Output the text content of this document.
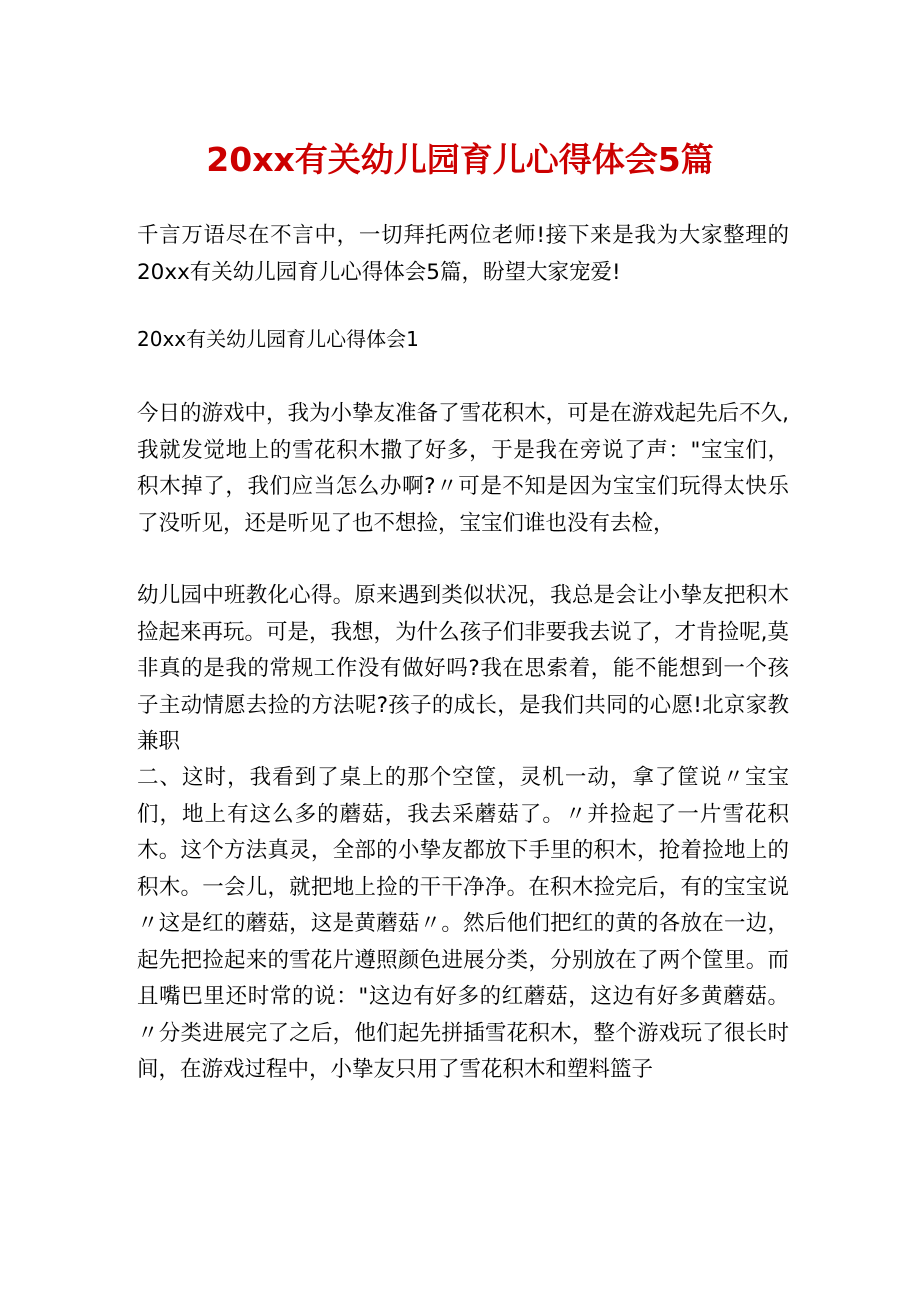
20xx有关幼儿园育儿心得体会5篇

千言万语尽在不言中，一切拜托两位老师!接下来是我为大家整理的20xx有关幼儿园育儿心得体会5篇，盼望大家宠爱!

20xx有关幼儿园育儿心得体会1

今日的游戏中，我为小挚友准备了雪花积木，可是在游戏起先后不久,我就发觉地上的雪花积木撒了好多，于是我在旁说了声："宝宝们，积木掉了，我们应当怎么办啊?〃可是不知是因为宝宝们玩得太快乐了没听见，还是听见了也不想捡，宝宝们谁也没有去检，

幼儿园中班教化心得。原来遇到类似状况，我总是会让小挚友把积木捡起来再玩。可是，我想，为什么孩子们非要我去说了，才肯捡呢,莫非真的是我的常规工作没有做好吗?我在思索着，能不能想到一个孩子主动情愿去捡的方法呢?孩子的成长，是我们共同的心愿!北京家教兼职

二、这时，我看到了桌上的那个空筐，灵机一动，拿了筐说〃宝宝们，地上有这么多的蘑菇，我去采蘑菇了。〃并捡起了一片雪花积木。这个方法真灵，全部的小挚友都放下手里的积木，抢着捡地上的积木。一会儿，就把地上捡的干干净净。在积木捡完后，有的宝宝说〃这是红的蘑菇，这是黄蘑菇〃。然后他们把红的黄的各放在一边，起先把捡起来的雪花片遵照颜色进展分类，分别放在了两个筐里。而且嘴巴里还时常的说："这边有好多的红蘑菇，这边有好多黄蘑菇。〃分类进展完了之后，他们起先拼插雪花积木，整个游戏玩了很长时间，在游戏过程中，小挚友只用了雪花积木和塑料篮子
